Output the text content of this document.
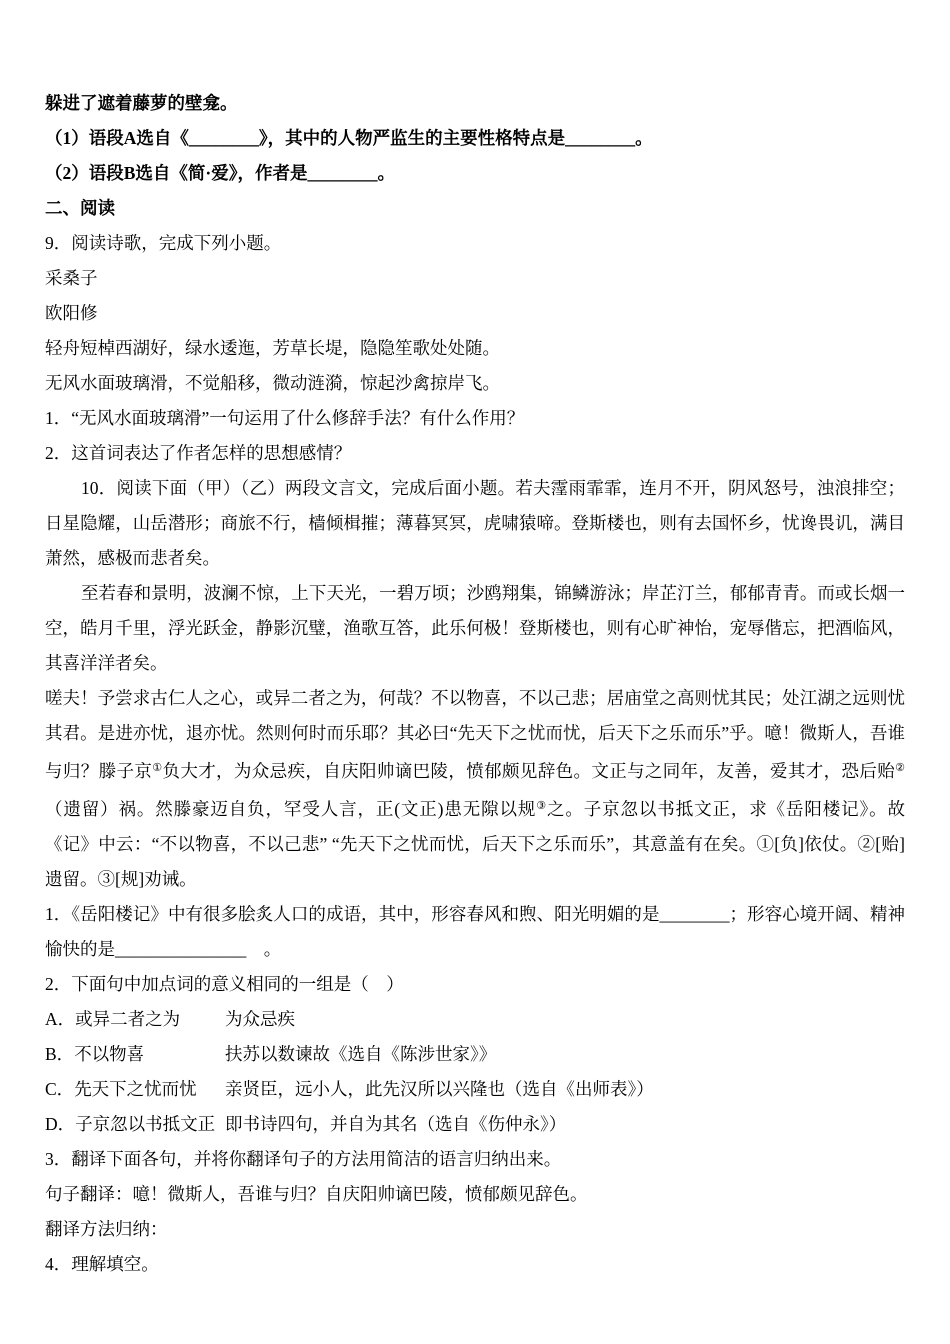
躲进了遮着藤萝的壁龛。

（1）语段A选自《________》，其中的人物严监生的主要性格特点是________。

（2）语段B选自《简·爱》，作者是________。

二、阅读

9．阅读诗歌，完成下列小题。

采桑子

欧阳修

轻舟短棹西湖好，绿水逶迤，芳草长堤，隐隐笙歌处处随。

无风水面玻璃滑，不觉船移，微动涟漪，惊起沙禽掠岸飞。

1．“无风水面玻璃滑”一句运用了什么修辞手法？有什么作用？

2．这首词表达了作者怎样的思想感情？

10．阅读下面（甲）（乙）两段文言文，完成后面小题。若夫霪雨霏霏，连月不开，阴风怒号，浊浪排空；日星隐耀，山岳潜形；商旅不行，樯倾楫摧；薄暮冥冥，虎啸猿啼。登斯楼也，则有去国怀乡，忧谗畏讥，满目萧然，感极而悲者矣。

至若春和景明，波澜不惊，上下天光，一碧万顷；沙鸥翔集，锦鳞游泳；岸芷汀兰，郁郁青青。而或长烟一空，皓月千里，浮光跃金，静影沉璧，渔歌互答，此乐何极！登斯楼也，则有心旷神怡，宠辱偕忘，把酒临风，其喜洋洋者矣。

嗟夫！予尝求古仁人之心，或异二者之为，何哉？不以物喜，不以己悲；居庙堂之高则忧其民；处江湖之远则忧其君。是进亦忧，退亦忧。然则何时而乐耶？其必曰“先天下之忧而忧，后天下之乐而乐”乎。噫！微斯人，吾谁与归？滕子京①负大才，为众忌疾，自庆阳帅谪巴陵，愤郁颇见辞色。文正与之同年，友善，爱其才，恐后贻②（遗留）祸。然滕豪迈自负，罕受人言，正(文正)患无隙以规③之。子京忽以书抵文正，求《岳阳楼记》。故《记》中云：“不以物喜，不以己悲” “先天下之忧而忧，后天下之乐而乐”，其意盖有在矣。①[负]依仗。②[贻]遗留。③[规]劝诫。

1．《岳阳楼记》中有很多脍炙人口的成语，其中，形容春风和煦、阳光明媚的是________；形容心境开阔、精神愉快的是_______________　。

2．下面句中加点词的意义相同的一组是（　）

A．或异二者之为	为众忌疾

B．不以物喜	扶苏以数谏故《选自《陈涉世家》》

C．先天下之忧而忧 亲贤臣，远小人，此先汉所以兴隆也（选自《出师表》）

D．子京忽以书抵文正 即书诗四句，并自为其名（选自《伤仲永》）

3．翻译下面各句，并将你翻译句子的方法用简洁的语言归纳出来。

句子翻译：噫！微斯人，吾谁与归？自庆阳帅谪巴陵，愤郁颇见辞色。

翻译方法归纳：

4．理解填空。
